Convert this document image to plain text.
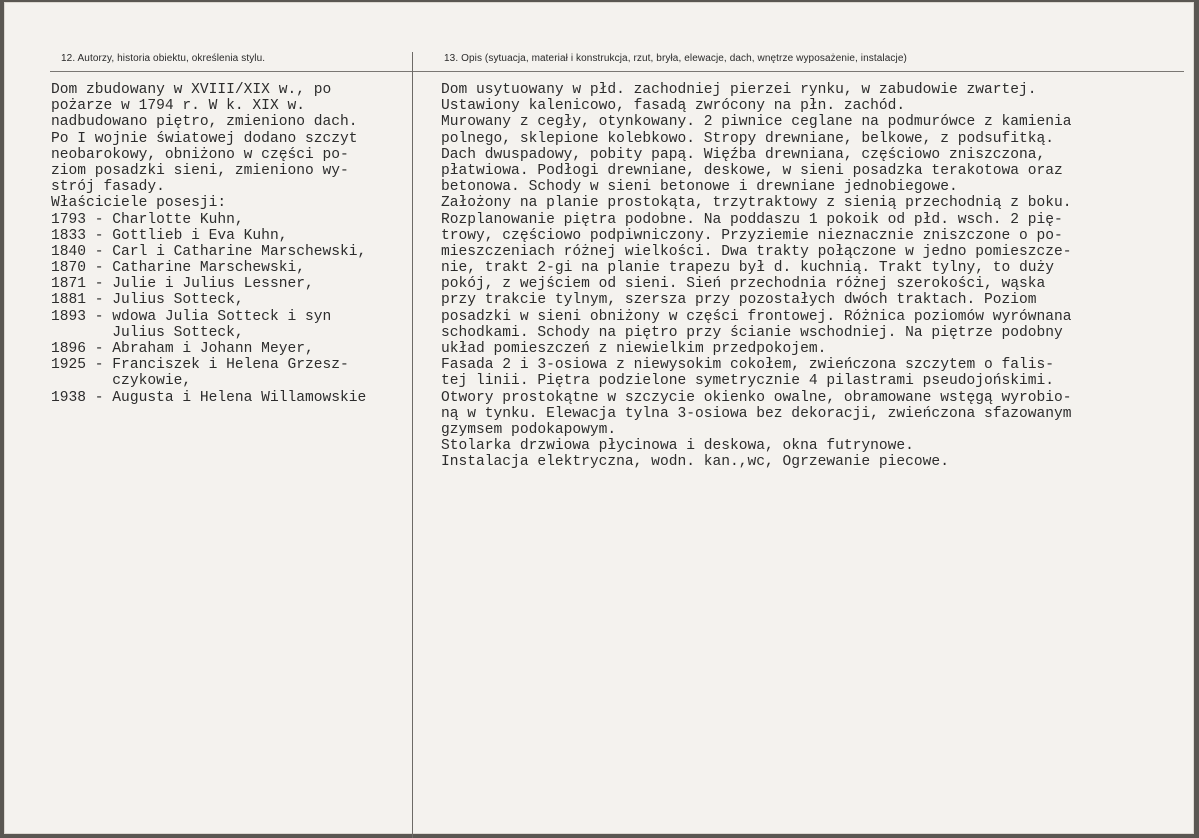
12. Autorzy, historia obiektu, określenia stylu.	13. Opis (sytuacja, materiał i konstrukcja, rzut, bryła, elewacje, dach, wnętrze wyposażenie, instalacje)
Dom zbudowany w XVIII/XIX w., po
pożarze w 1794 r. W k. XIX w.
nadbudowano piętro, zmieniono dach.
Po I wojnie światowej dodano szczyt
neobarokowy, obniżono w części po-
ziom posadzki sieni, zmieniono wy-
strój fasady.
Właściciele posesji:
1793 - Charlotte Kuhn,
1833 - Gottlieb i Eva Kuhn,
1840 - Carl i Catharine Marschewski,
1870 - Catharine Marschewski,
1871 - Julie i Julius Lessner,
1881 - Julius Sotteck,
1893 - wdowa Julia Sotteck i syn
Julius Sotteck,
1896 - Abraham i Johann Meyer,
1925 - Franciszek i Helena Grzesz-
czykowie,
1938 - Augusta i Helena Willamowskie
Dom usytuowany w płd. zachodniej pierzei rynku, w zabudowie zwartej.
Ustawiony kalenicowo, fasadą zwrócony na płn. zachód.
Murowany z cegły, otynkowany. 2 piwnice ceglane na podmurówce z kamienia
polnego, sklepione kolebkowo. Stropy drewniane, belkowe, z podsufitką.
Dach dwuspadowy, pobity papą. Więźba drewniana, częściowo zniszczona,
płatwiowa. Podłogi drewniane, deskowe, w sieni posadzka terakotowa oraz
betonowa. Schody w sieni betonowe i drewniane jednobiegowe.
Założony na planie prostokąta, trzytraktowy z sienią przechodnią z boku.
Rozplanowanie piętra podobne. Na poddaszu 1 pokoik od płd. wsch. 2 pię-
trowy, częściowo podpiwniczony. Przyziemie nieznacznie zniszczone o po-
mieszczeniach różnej wielkości. Dwa trakty połączone w jedno pomieszcze-
nie, trakt 2-gi na planie trapezu był d. kuchnią. Trakt tylny, to duży
pokój, z wejściem od sieni. Sień przechodnia różnej szerokości, wąska
przy trakcie tylnym, szersza przy pozostałych dwóch traktach. Poziom
posadzki w sieni obniżony w części frontowej. Różnica poziomów wyrównana
schodkami. Schody na piętro przy ścianie wschodniej. Na piętrze podobny
układ pomieszczeń z niewielkim przedpokojem.
Fasada 2 i 3-osiowa z niewysokim cokołem, zwieńczona szczytem o falis-
tej linii. Piętra podzielone symetrycznie 4 pilastrami pseudojońskimi.
Otwory prostokątne w szczycie okienko owalne, obramowane wstęgą wyrobio-
ną w tynku. Elewacja tylna 3-osiowa bez dekoracji, zwieńczona sfazowanym
gzymsem podokapowym.
Stolarka drzwiowa płycinowa i deskowa, okna futrynowe.
Instalacja elektryczna, wodn. kan.,wc, Ogrzewanie piecowe.
